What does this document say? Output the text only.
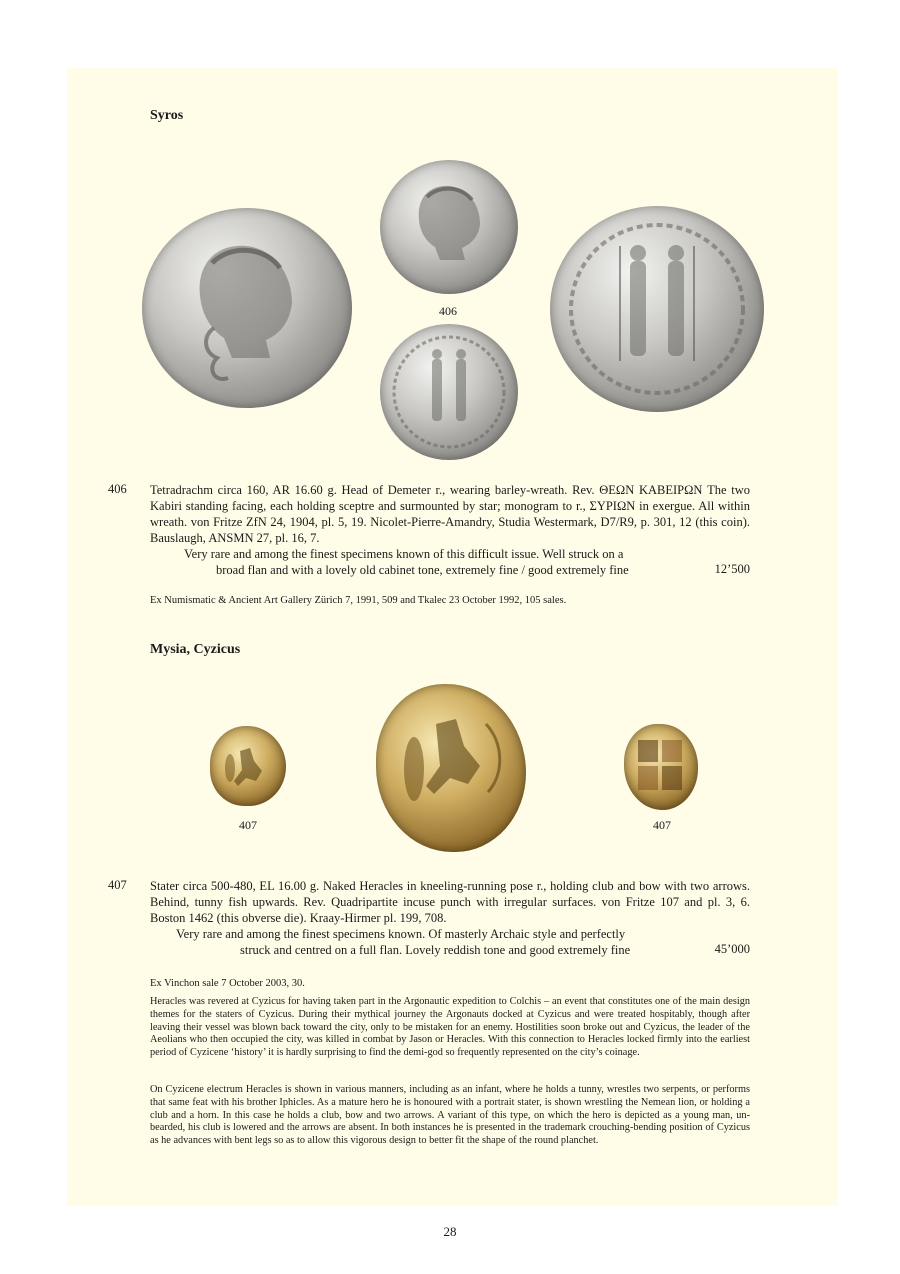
Syros
406
406 Tetradrachm circa 160, AR 16.60 g. Head of Demeter r., wearing barley-wreath. Rev. ΘΕΩΝ ΚΑΒΕΙΡΩΝ The two Kabiri standing facing, each holding sceptre and surmounted by star; monogram to r., ΣΥΡΙΩΝ in exergue. All within wreath. von Fritze ZfN 24, 1904, pl. 5, 19. Nicolet-Pierre-Amandry, Studia Westermark, D7/R9, p. 301, 12 (this coin). Bauslaugh, ANSMN 27, pl. 16, 7.
Very rare and among the finest specimens known of this difficult issue. Well struck on a
broad flan and with a lovely old cabinet tone, extremely fine / good extremely fine	12’500
Ex Numismatic & Ancient Art Gallery Zürich 7, 1991, 509 and Tkalec 23 October 1992, 105 sales.
Mysia, Cyzicus
407	407
407 Stater circa 500-480, EL 16.00 g. Naked Heracles in kneeling-running pose r., holding club and bow with two arrows. Behind, tunny fish upwards. Rev. Quadripartite incuse punch with irregular surfaces. von Fritze 107 and pl. 3, 6. Boston 1462 (this obverse die). Kraay-Hirmer pl. 199, 708.
Very rare and among the finest specimens known. Of masterly Archaic style and perfectly
struck and centred on a full flan. Lovely reddish tone and good extremely fine	45’000
Ex Vinchon sale 7 October 2003, 30.
Heracles was revered at Cyzicus for having taken part in the Argonautic expedition to Colchis – an event that constitutes one of the main design themes for the staters of Cyzicus. During their mythical journey the Argonauts docked at Cyzicus and were treated hospitably, though after leaving their vessel was blown back toward the city, only to be mistaken for an enemy. Hostilities soon broke out and Cyzicus, the leader of the Aeolians who then occupied the city, was killed in combat by Jason or Heracles. With this connection to Heracles locked firmly into the earliest period of Cyzicene ‘history’ it is hardly surprising to find the demi-god so frequently represented on the city’s coinage.
On Cyzicene electrum Heracles is shown in various manners, including as an infant, where he holds a tunny, wrestles two serpents, or performs that same feat with his brother Iphicles. As a mature hero he is honoured with a portrait stater, is shown wrestling the Nemean lion, or holding a club and a horn. In this case he holds a club, bow and two arrows. A variant of this type, on which the hero is depicted as a young man, un-bearded, his club is lowered and the arrows are absent. In both instances he is presented in the trademark crouching-bending position of Cyzicus as he advances with bent legs so as to allow this vigorous design to better fit the shape of the round planchet.
28
